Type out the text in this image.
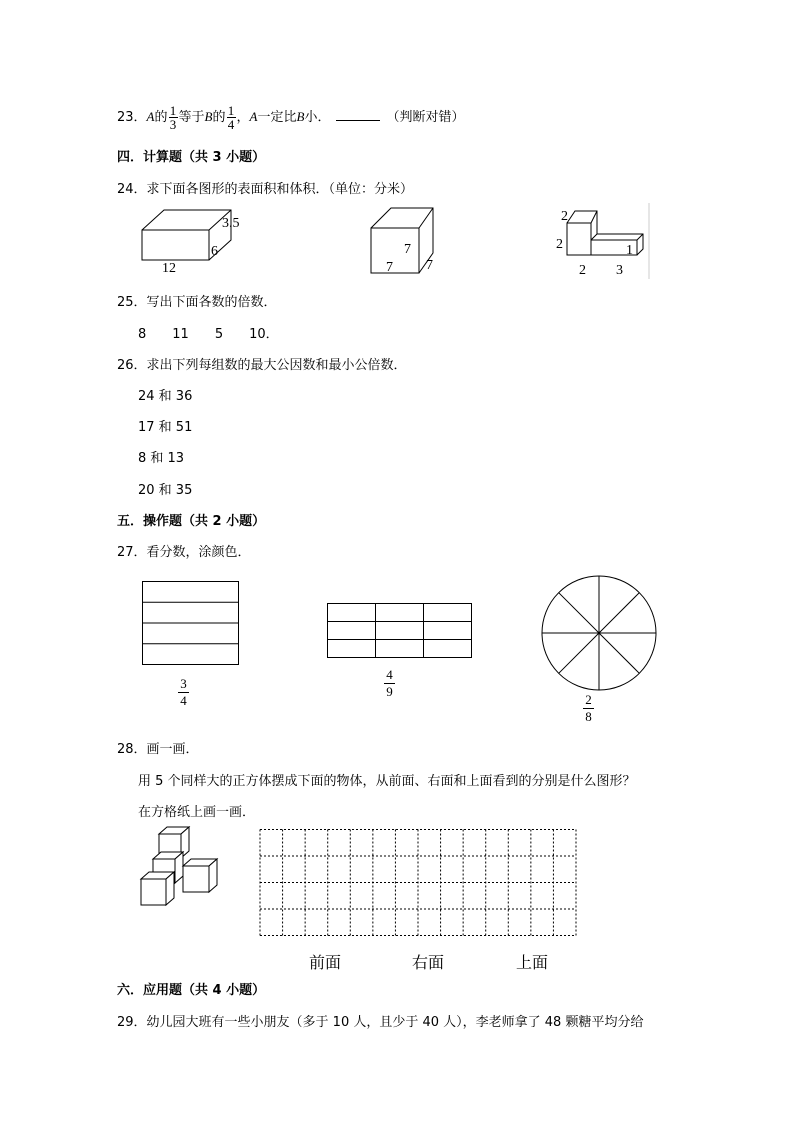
23．A的 $\frac{1}{3}$ 等于B的 $\frac{1}{4}$ ，A一定比B小．	（判断对错）
四．计算题（共 3 小题）
24．求下面各图形的表面积和体积．（单位：分米）
3.5
6
12
7
7 7
2
2	1
2 3
25．写出下面各数的倍数．
8　　11　　5　　10．
26．求出下列每组数的最大公因数和最小公倍数．
24 和 36
17 和 51
8 和 13
20 和 35
五．操作题（共 2 小题）
27．看分数，涂颜色．
3
4
4
9
2
8
28．画一画．
用 5 个同样大的正方体摆成下面的物体，从前面、右面和上面看到的分别是什么图形？
在方格纸上画一画．
前面	右面	上面
六．应用题（共 4 小题）
29．幼儿园大班有一些小朋友（多于 10 人，且少于 40 人），李老师拿了 48 颗糖平均分给
